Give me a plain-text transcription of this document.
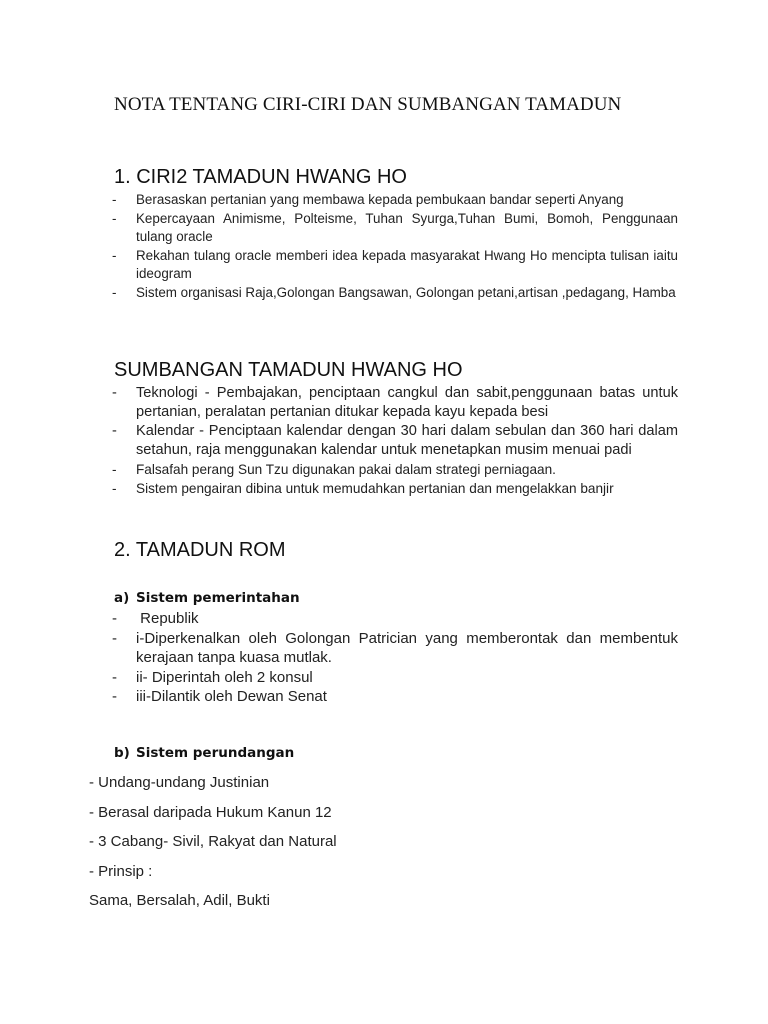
NOTA TENTANG CIRI-CIRI DAN SUMBANGAN TAMADUN
1. CIRI2 TAMADUN HWANG HO
- Berasaskan pertanian yang membawa kepada pembukaan bandar seperti Anyang
- Kepercayaan Animisme, Polteisme, Tuhan Syurga,Tuhan Bumi, Bomoh, Penggunaan tulang oracle
- Rekahan tulang oracle memberi idea kepada masyarakat Hwang Ho mencipta tulisan iaitu ideogram
- Sistem organisasi Raja,Golongan Bangsawan, Golongan petani,artisan ,pedagang, Hamba
SUMBANGAN TAMADUN HWANG HO
- Teknologi - Pembajakan, penciptaan cangkul dan sabit,penggunaan batas untuk pertanian, peralatan pertanian ditukar kepada kayu kepada besi
- Kalendar - Penciptaan kalendar dengan 30 hari dalam sebulan dan 360 hari dalam setahun, raja menggunakan kalendar untuk menetapkan musim menuai padi
- Falsafah perang Sun Tzu digunakan pakai dalam strategi perniagaan.
- Sistem pengairan dibina untuk memudahkan pertanian dan mengelakkan banjir
2. TAMADUN ROM
a) Sistem pemerintahan
-  Republik
- i-Diperkenalkan oleh Golongan Patrician yang memberontak dan membentuk kerajaan tanpa kuasa mutlak.
- ii- Diperintah oleh 2 konsul
- iii-Dilantik oleh Dewan Senat
b) Sistem perundangan
- Undang-undang Justinian
- Berasal daripada Hukum Kanun 12
- 3 Cabang- Sivil, Rakyat dan Natural
- Prinsip :
Sama, Bersalah, Adil, Bukti
